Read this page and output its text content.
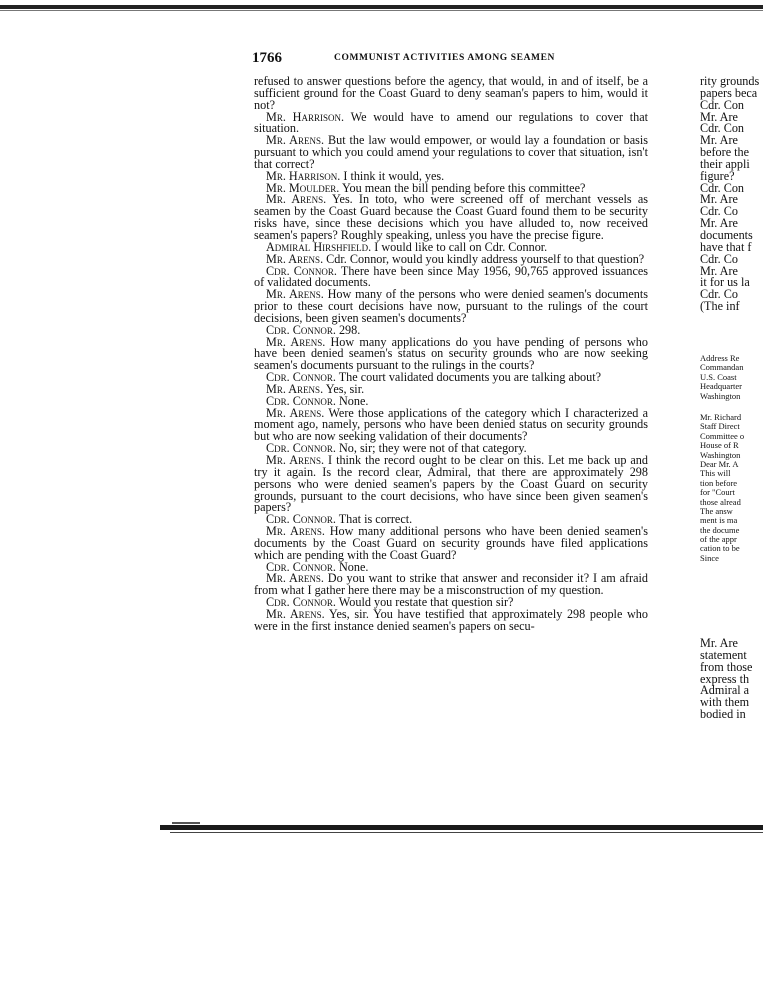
1766	COMMUNIST ACTIVITIES AMONG SEAMEN

refused to answer questions before the agency, that would, in and of itself, be a sufficient ground for the Coast Guard to deny seaman's papers to him, would it not?

Mr. Harrison. We would have to amend our regulations to cover that situation.

Mr. Arens. But the law would empower, or would lay a foundation or basis pursuant to which you could amend your regulations to cover that situation, isn't that correct?

Mr. Harrison. I think it would, yes.

Mr. Moulder. You mean the bill pending before this committee?

Mr. Arens. Yes. In toto, who were screened off of merchant vessels as seamen by the Coast Guard because the Coast Guard found them to be security risks have, since these decisions which you have alluded to, now received seamen's papers? Roughly speaking, unless you have the precise figure.

Admiral Hirshfield. I would like to call on Cdr. Connor.

Mr. Arens. Cdr. Connor, would you kindly address yourself to that question?

Cdr. Connor. There have been since May 1956, 90,765 approved issuances of validated documents.

Mr. Arens. How many of the persons who were denied seamen's documents prior to these court decisions have now, pursuant to the rulings of the court decisions, been given seamen's documents?

Cdr. Connor. 298.

Mr. Arens. How many applications do you have pending of persons who have been denied seamen's status on security grounds who are now seeking seamen's documents pursuant to the rulings in the courts?

Cdr. Connor. The court validated documents you are talking about?

Mr. Arens. Yes, sir.

Cdr. Connor. None.

Mr. Arens. Were those applications of the category which I characterized a moment ago, namely, persons who have been denied status on security grounds but who are now seeking validation of their documents?

Cdr. Connor. No, sir; they were not of that category.

Mr. Arens. I think the record ought to be clear on this. Let me back up and try it again. Is the record clear, Admiral, that there are approximately 298 persons who were denied seamen's papers by the Coast Guard on security grounds, pursuant to the court decisions, who have since been given seamen's papers?

Cdr. Connor. That is correct.

Mr. Arens. How many additional persons who have been denied seamen's documents by the Coast Guard on security grounds have filed applications which are pending with the Coast Guard?

Cdr. Connor. None.

Mr. Arens. Do you want to strike that answer and reconsider it? I am afraid from what I gather here there may be a misconstruction of my question.

Cdr. Connor. Would you restate that question sir?

Mr. Arens. Yes, sir. You have testified that approximately 298 people who were in the first instance denied seamen's papers on secu-

rity grounds
papers beca
Cdr. Con
Mr. Are
Cdr. Con
Mr. Are
before the
their appli
figure?
Cdr. Con
Mr. Are
Cdr. Co
Mr. Are
documents
have that f
Cdr. Co
Mr. Are
it for us la
Cdr. Co
(The inf
Address Re
Commandan
U.S. Coast
Headquarter
Washington
Mr. Richard
Staff Direct
Committee o
House of R
Washington
Dear Mr. A
This will
tion before
for "Court
those alread
The answ
ment is ma
the docume
of the appr
cation to be
Since
Mr. Are
statement
from those
express th
Admiral a
with them
bodied in
